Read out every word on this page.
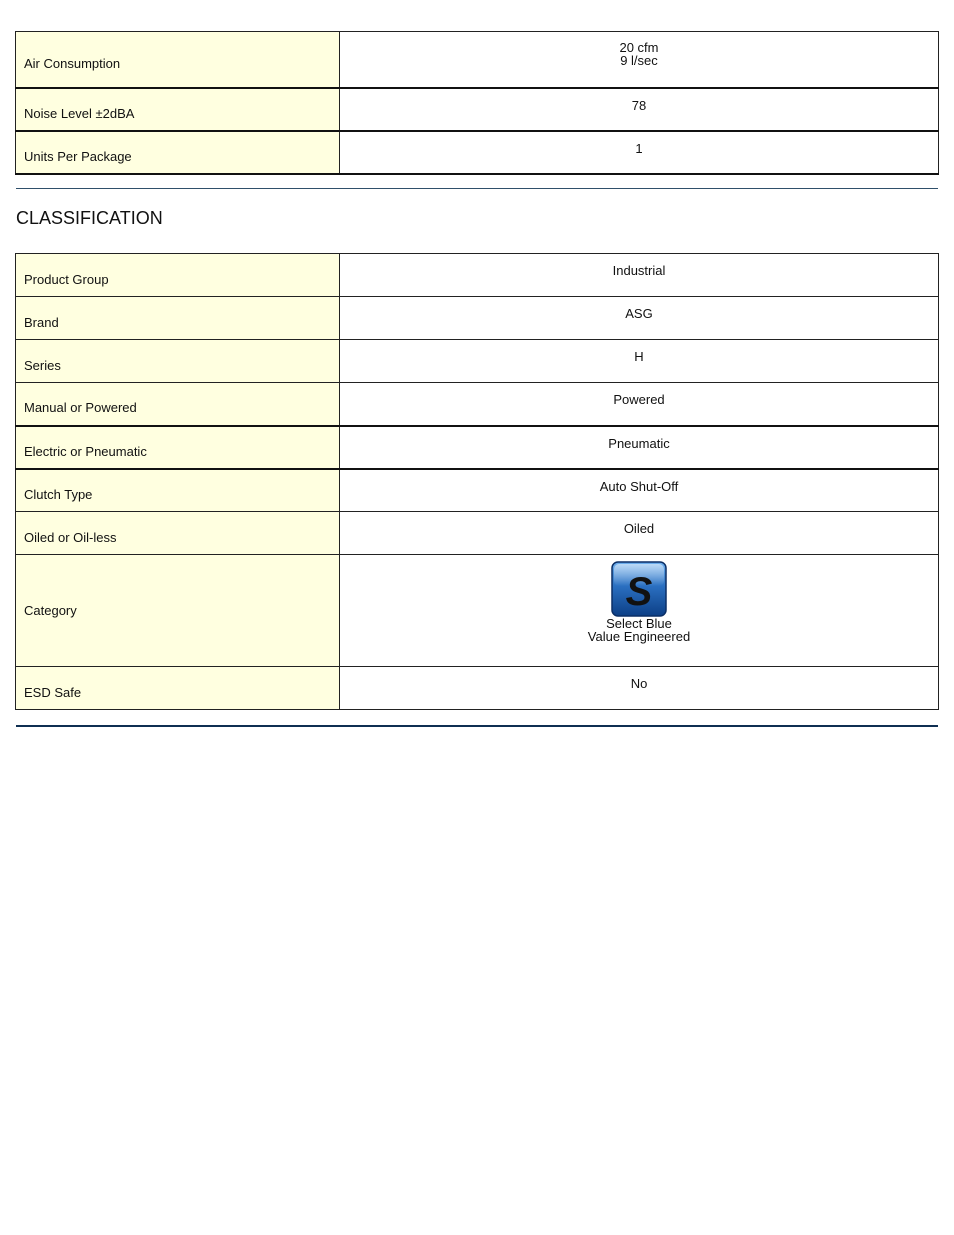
Air Consumption	20 cfm
9 l/sec
Noise Level ±2dBA	78
Units Per Package	1
CLASSIFICATION
Product Group	Industrial
Brand	ASG
Series	H
Manual or Powered	Powered
Electric or Pneumatic	Pneumatic
Clutch Type	Auto Shut-Off
Oiled or Oil-less	Oiled
Category	S
Select Blue
Value Engineered

ESD Safe	No
